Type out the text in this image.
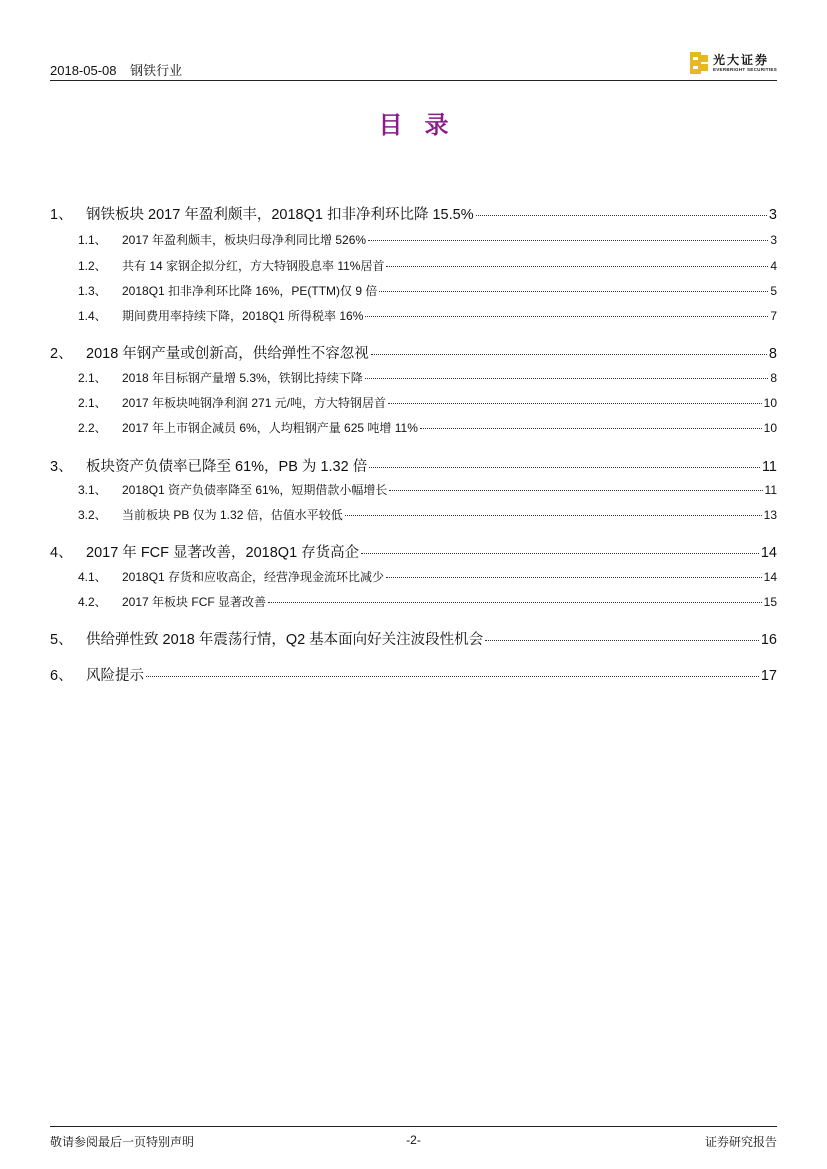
2018-05-08 钢铁行业
光大证券
EVERBRIGHT SECURITIES
目录
1、 钢铁板块 2017 年盈利颇丰，2018Q1 扣非净利环比降 15.5%	3
1.1、	2017 年盈利颇丰，板块归母净利同比增 526%	3
1.2、	共有 14 家钢企拟分红，方大特钢股息率 11%居首	4
1.3、	2018Q1 扣非净利环比降 16%，PE(TTM)仅 9 倍	5
1.4、	期间费用率持续下降，2018Q1 所得税率 16%	7
2、 2018 年钢产量或创新高，供给弹性不容忽视	8
2.1、	2018 年目标钢产量增 5.3%，铁钢比持续下降	8
2.1、	2017 年板块吨钢净利润 271 元/吨，方大特钢居首	10
2.2、	2017 年上市钢企减员 6%，人均粗钢产量 625 吨增 11%	10
3、 板块资产负债率已降至 61%，PB 为 1.32 倍	11
3.1、	2018Q1 资产负债率降至 61%，短期借款小幅增长	11
3.2、	当前板块 PB 仅为 1.32 倍，估值水平较低	13
4、 2017 年 FCF 显著改善，2018Q1 存货高企	14
4.1、	2018Q1 存货和应收高企，经营净现金流环比减少	14
4.2、	2017 年板块 FCF 显著改善	15
5、 供给弹性致 2018 年震荡行情，Q2 基本面向好关注波段性机会	16
6、 风险提示	17
敬请参阅最后一页特别声明	-2-	证券研究报告
